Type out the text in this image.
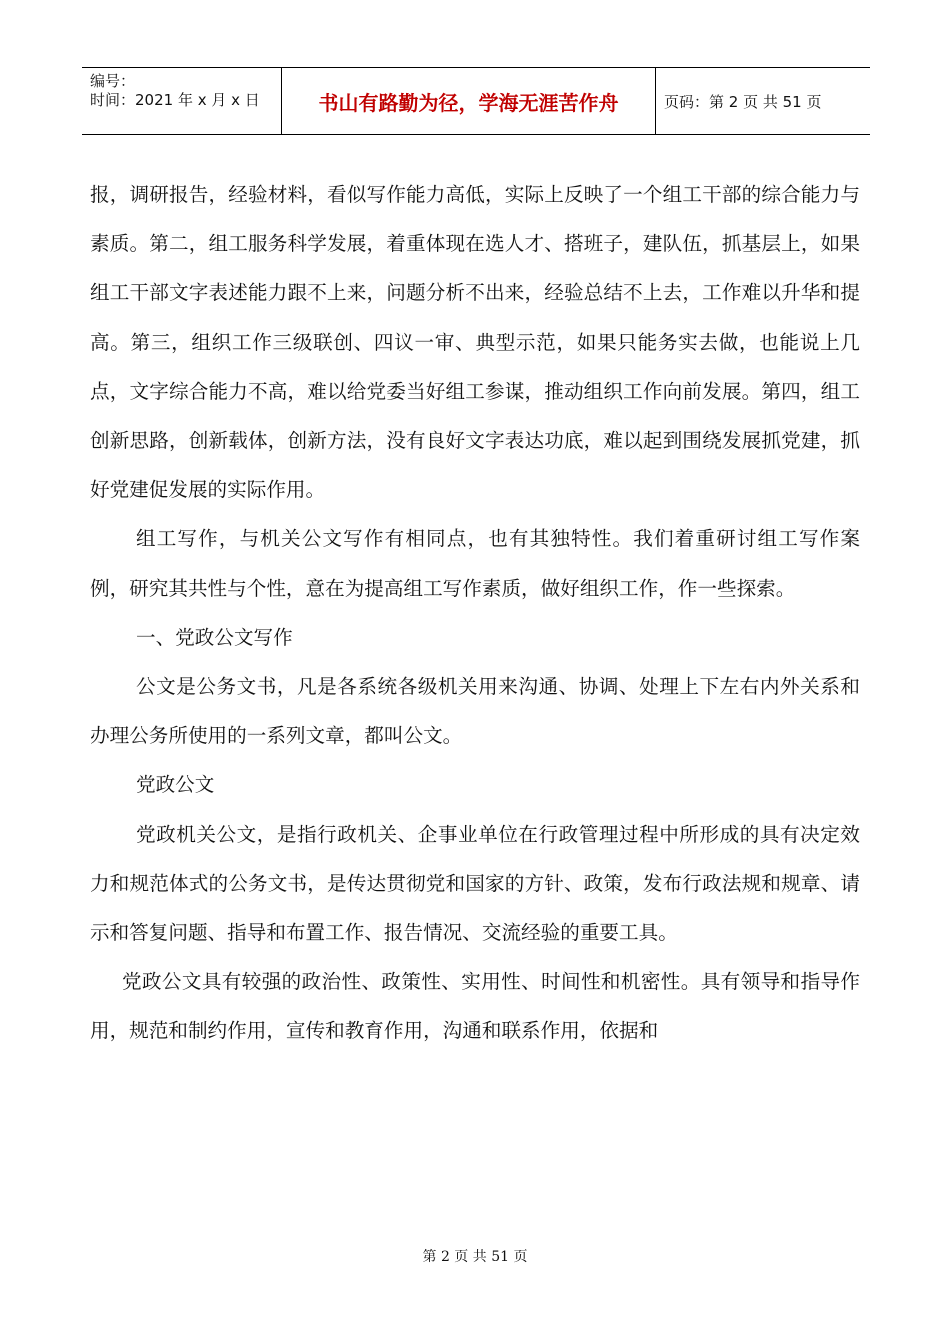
编号：
时间：2021 年 x 月 x 日	书山有路勤为径，学海无涯苦作舟	页码：第 2 页 共 51 页

报，调研报告，经验材料，看似写作能力高低，实际上反映了一个组工干部的综合能力与素质。第二，组工服务科学发展，着重体现在选人才、搭班子，建队伍，抓基层上，如果组工干部文字表述能力跟不上来，问题分析不出来，经验总结不上去，工作难以升华和提高。第三，组织工作三级联创、四议一审、典型示范，如果只能务实去做，也能说上几点，文字综合能力不高，难以给党委当好组工参谋，推动组织工作向前发展。第四，组工创新思路，创新载体，创新方法，没有良好文字表达功底，难以起到围绕发展抓党建，抓好党建促发展的实际作用。

组工写作，与机关公文写作有相同点，也有其独特性。我们着重研讨组工写作案例，研究其共性与个性，意在为提高组工写作素质，做好组织工作，作一些探索。

一、党政公文写作

公文是公务文书，凡是各系统各级机关用来沟通、协调、处理上下左右内外关系和办理公务所使用的一系列文章，都叫公文。

党政公文

党政机关公文，是指行政机关、企事业单位在行政管理过程中所形成的具有决定效力和规范体式的公务文书，是传达贯彻党和国家的方针、政策，发布行政法规和规章、请示和答复问题、指导和布置工作、报告情况、交流经验的重要工具。

党政公文具有较强的政治性、政策性、实用性、时间性和机密性。具有领导和指导作用，规范和制约作用，宣传和教育作用，沟通和联系作用，依据和

第 2 页 共 51 页
